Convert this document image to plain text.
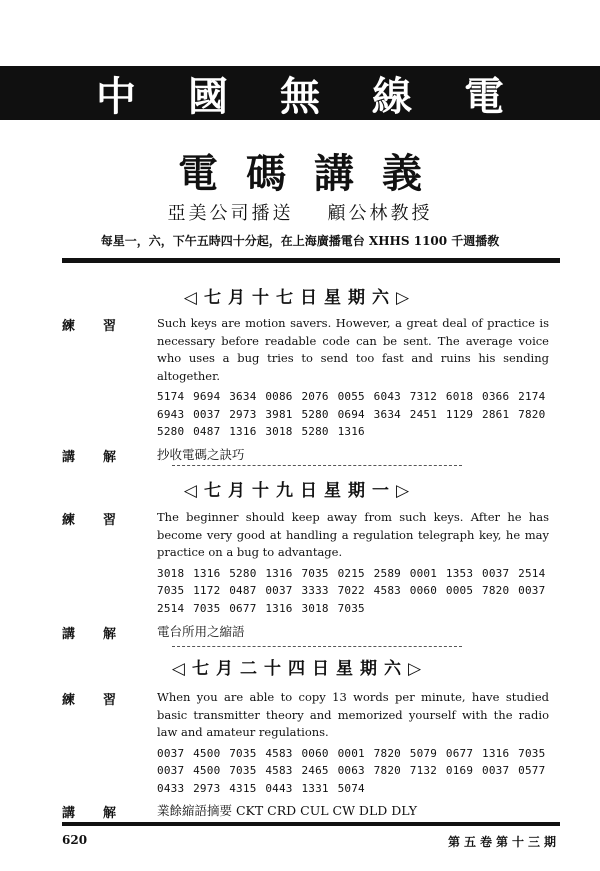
中國無線電
電碼講義
亞美公司播送 顧公林教授
每星一，六，下午五時四十分起，在上海廣播電台 XHHS 1100 千週播敎
◁七月十七日星期六▷
練習 Such keys are motion savers. However, a great deal of practice is necessary before readable code can be sent. The average voice who uses a bug tries to send too fast and ruins his sending altogether.
5174 9694 3634 0086 2076 0055 6043 7312 6018 0366 2174 6943 0037 2973 3981 5280 0694 3634 2451 1129 2861 7820 5280 0487 1316 3018 5280 1316
講解 抄收電碼之訣巧
◁七月十九日星期一▷
練習 The beginner should keep away from such keys. After he has become very good at handling a regulation telegraph key, he may practice on a bug to advantage.
3018 1316 5280 1316 7035 0215 2589 0001 1353 0037 2514 7035 1172 0487 0037 3333 7022 4583 0060 0005 7820 0037 2514 7035 0677 1316 3018 7035
講解 電台所用之縮語
◁七月二十四日星期六▷
練習 When you are able to copy 13 words per minute, have studied basic transmitter theory and memorized yourself with the radio law and amateur regulations.
0037 4500 7035 4583 0060 0001 7820 5079 0677 1316 7035 0037 4500 7035 4583 2465 0063 7820 7132 0169 0037 0577 0433 2973 4315 0443 1331 5074
講解 業餘縮語摘要 CKT CRD CUL CW DLD DLY
620	第五卷第十三期
